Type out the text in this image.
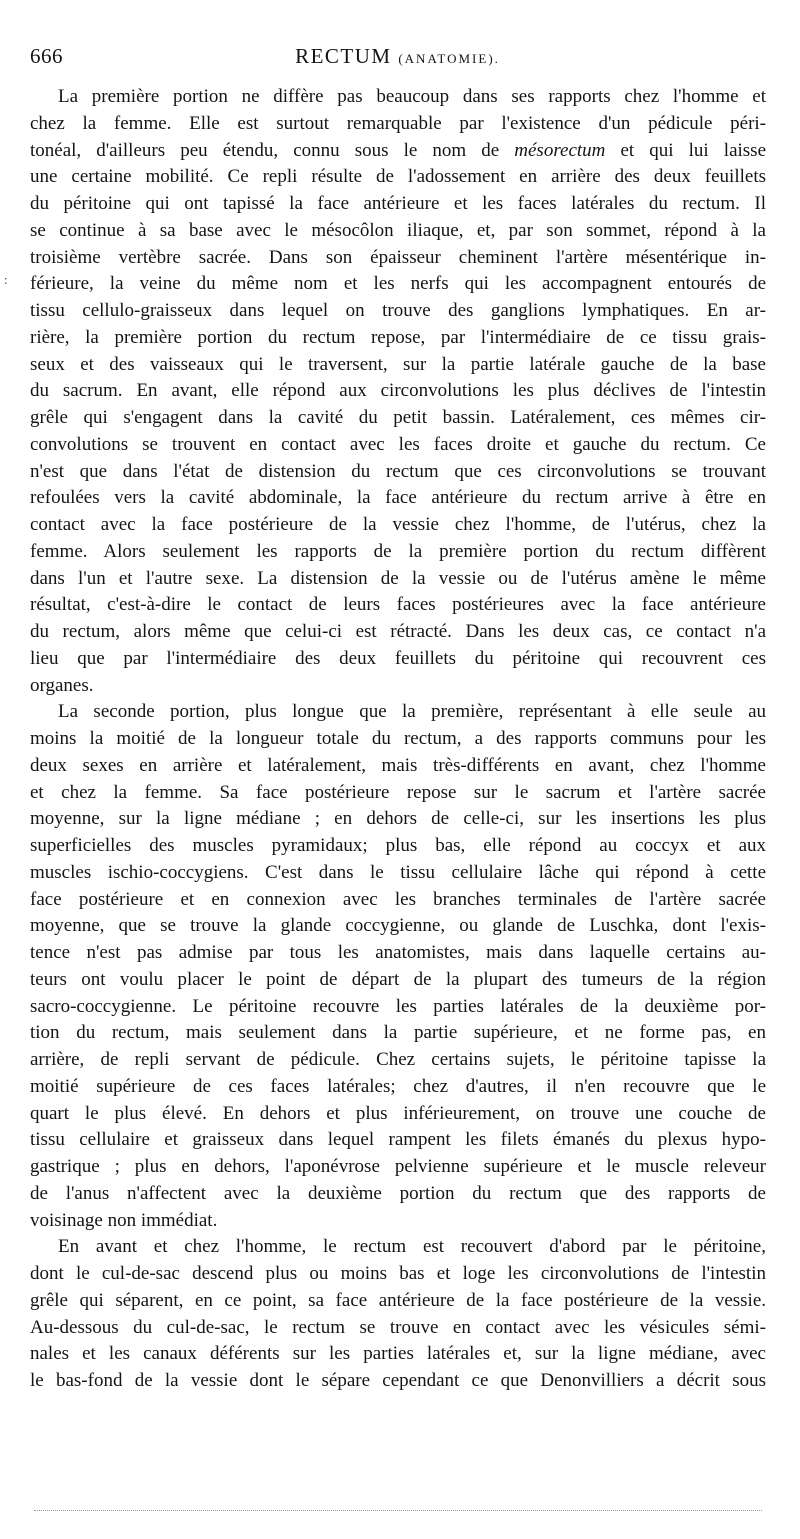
666	RECTUM (ANATOMIE).
:

La première portion ne diffère pas beaucoup dans ses rapports chez l'homme et
chez la femme. Elle est surtout remarquable par l'existence d'un pédicule péri-
tonéal, d'ailleurs peu étendu, connu sous le nom de mésorectum et qui lui laisse
une certaine mobilité. Ce repli résulte de l'adossement en arrière des deux feuillets
du péritoine qui ont tapissé la face antérieure et les faces latérales du rectum. Il
se continue à sa base avec le mésocôlon iliaque, et, par son sommet, répond à la
troisième vertèbre sacrée. Dans son épaisseur cheminent l'artère mésentérique in-
férieure, la veine du même nom et les nerfs qui les accompagnent entourés de
tissu cellulo-graisseux dans lequel on trouve des ganglions lymphatiques. En ar-
rière, la première portion du rectum repose, par l'intermédiaire de ce tissu grais-
seux et des vaisseaux qui le traversent, sur la partie latérale gauche de la base
du sacrum. En avant, elle répond aux circonvolutions les plus déclives de l'intestin
grêle qui s'engagent dans la cavité du petit bassin. Latéralement, ces mêmes cir-
convolutions se trouvent en contact avec les faces droite et gauche du rectum. Ce
n'est que dans l'état de distension du rectum que ces circonvolutions se trouvant
refoulées vers la cavité abdominale, la face antérieure du rectum arrive à être en
contact avec la face postérieure de la vessie chez l'homme, de l'utérus, chez la
femme. Alors seulement les rapports de la première portion du rectum diffèrent
dans l'un et l'autre sexe. La distension de la vessie ou de l'utérus amène le même
résultat, c'est-à-dire le contact de leurs faces postérieures avec la face antérieure
du rectum, alors même que celui-ci est rétracté. Dans les deux cas, ce contact n'a
lieu que par l'intermédiaire des deux feuillets du péritoine qui recouvrent ces
organes.

La seconde portion, plus longue que la première, représentant à elle seule au
moins la moitié de la longueur totale du rectum, a des rapports communs pour les
deux sexes en arrière et latéralement, mais très-différents en avant, chez l'homme
et chez la femme. Sa face postérieure repose sur le sacrum et l'artère sacrée
moyenne, sur la ligne médiane ; en dehors de celle-ci, sur les insertions les plus
superficielles des muscles pyramidaux; plus bas, elle répond au coccyx et aux
muscles ischio-coccygiens. C'est dans le tissu cellulaire lâche qui répond à cette
face postérieure et en connexion avec les branches terminales de l'artère sacrée
moyenne, que se trouve la glande coccygienne, ou glande de Luschka, dont l'exis-
tence n'est pas admise par tous les anatomistes, mais dans laquelle certains au-
teurs ont voulu placer le point de départ de la plupart des tumeurs de la région
sacro-coccygienne. Le péritoine recouvre les parties latérales de la deuxième por-
tion du rectum, mais seulement dans la partie supérieure, et ne forme pas, en
arrière, de repli servant de pédicule. Chez certains sujets, le péritoine tapisse la
moitié supérieure de ces faces latérales; chez d'autres, il n'en recouvre que le
quart le plus élevé. En dehors et plus inférieurement, on trouve une couche de
tissu cellulaire et graisseux dans lequel rampent les filets émanés du plexus hypo-
gastrique ; plus en dehors, l'aponévrose pelvienne supérieure et le muscle releveur
de l'anus n'affectent avec la deuxième portion du rectum que des rapports de
voisinage non immédiat.

En avant et chez l'homme, le rectum est recouvert d'abord par le péritoine,
dont le cul-de-sac descend plus ou moins bas et loge les circonvolutions de l'intestin
grêle qui séparent, en ce point, sa face antérieure de la face postérieure de la vessie.
Au-dessous du cul-de-sac, le rectum se trouve en contact avec les vésicules sémi-
nales et les canaux déférents sur les parties latérales et, sur la ligne médiane, avec
le bas-fond de la vessie dont le sépare cependant ce que Denonvilliers a décrit sous
